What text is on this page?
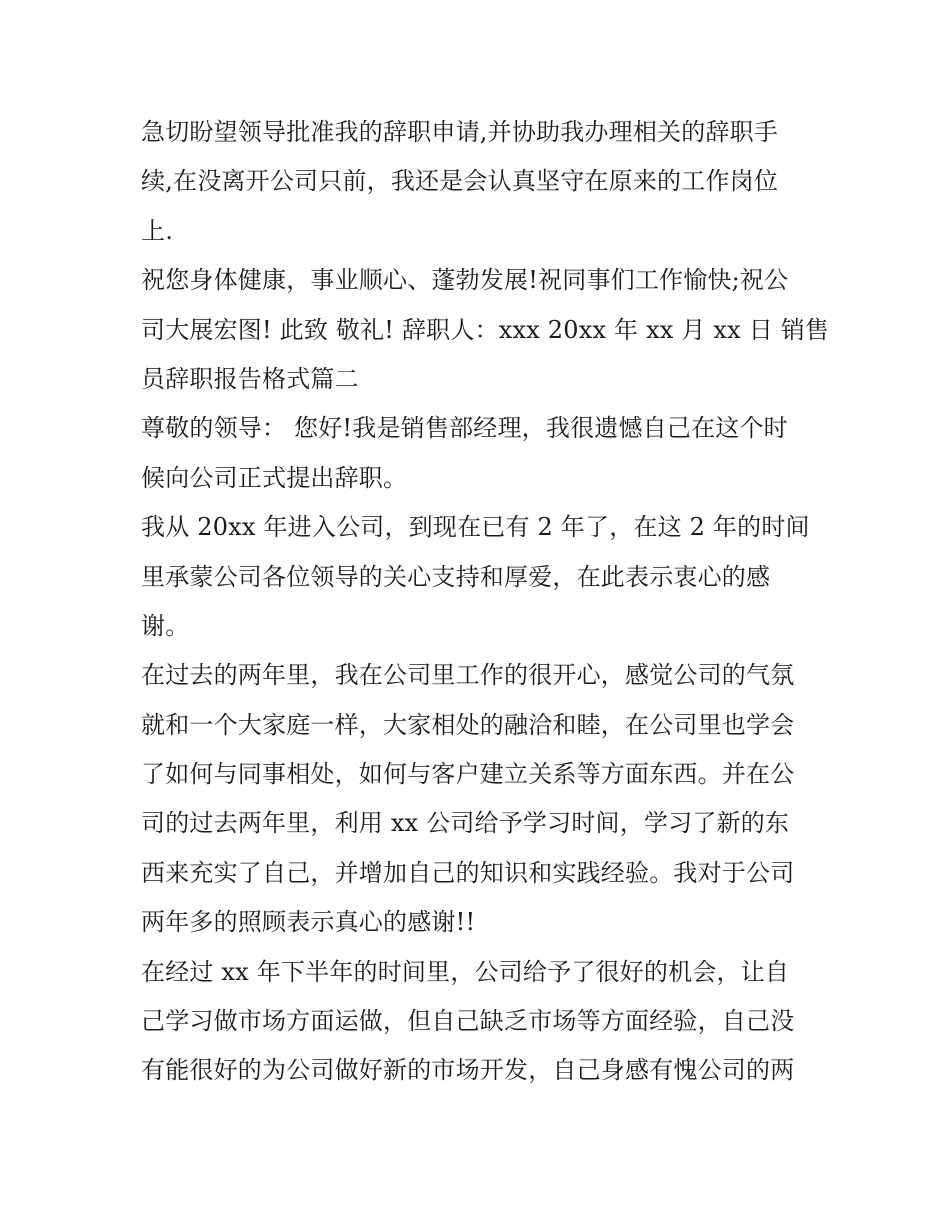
急切盼望领导批准我的辞职申请,并协助我办理相关的辞职手
续,在没离开公司只前，我还是会认真坚守在原来的工作岗位
上.

祝您身体健康，事业顺心、蓬勃发展!祝同事们工作愉快;祝公
司大展宏图! 此致 敬礼! 辞职人：xxx 20xx 年 xx 月 xx 日 销售
员辞职报告格式篇二

尊敬的领导： 您好!我是销售部经理，我很遗憾自己在这个时
候向公司正式提出辞职。

我从 20xx 年进入公司，到现在已有 2 年了，在这 2 年的时间
里承蒙公司各位领导的关心支持和厚爱，在此表示衷心的感
谢。

在过去的两年里，我在公司里工作的很开心，感觉公司的气氛
就和一个大家庭一样，大家相处的融洽和睦，在公司里也学会
了如何与同事相处，如何与客户建立关系等方面东西。并在公
司的过去两年里，利用 xx 公司给予学习时间，学习了新的东
西来充实了自己，并增加自己的知识和实践经验。我对于公司
两年多的照顾表示真心的感谢!!

在经过 xx 年下半年的时间里，公司给予了很好的机会，让自
己学习做市场方面运做，但自己缺乏市场等方面经验，自己没
有能很好的为公司做好新的市场开发，自己身感有愧公司的两
